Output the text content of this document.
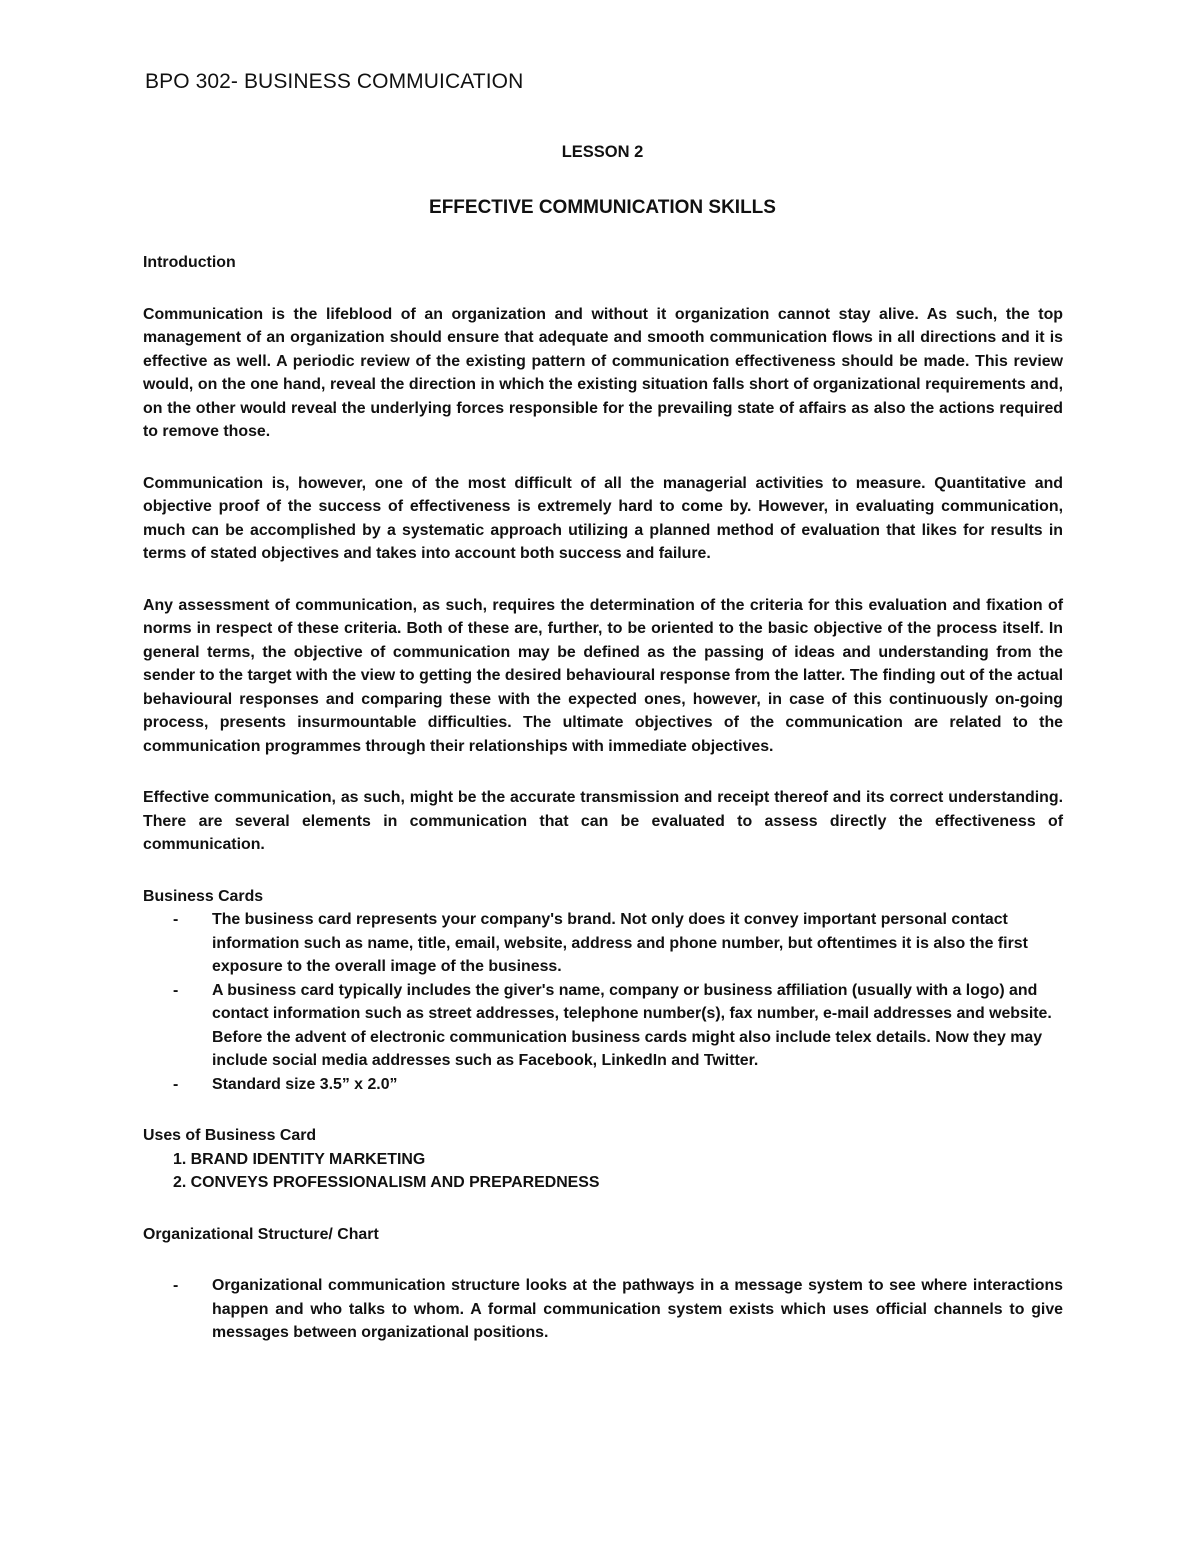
BPO 302- BUSINESS COMMUICATION
LESSON 2
EFFECTIVE COMMUNICATION SKILLS

Introduction

Communication is the lifeblood of an organization and without it organization cannot stay alive. As such, the top management of an organization should ensure that adequate and smooth communication flows in all directions and it is effective as well. A periodic review of the existing pattern of communication effectiveness should be made. This review would, on the one hand, reveal the direction in which the existing situation falls short of organizational requirements and, on the other would reveal the underlying forces responsible for the prevailing state of affairs as also the actions required to remove those.

Communication is, however, one of the most difficult of all the managerial activities to measure. Quantitative and objective proof of the success of effectiveness is extremely hard to come by. However, in evaluating communication, much can be accomplished by a systematic approach utilizing a planned method of evaluation that likes for results in terms of stated objectives and takes into account both success and failure.

Any assessment of communication, as such, requires the determination of the criteria for this evaluation and fixation of norms in respect of these criteria. Both of these are, further, to be oriented to the basic objective of the process itself. In general terms, the objective of communication may be defined as the passing of ideas and understanding from the sender to the target with the view to getting the desired behavioural response from the latter. The finding out of the actual behavioural responses and comparing these with the expected ones, however, in case of this continuously on-going process, presents insurmountable difficulties. The ultimate objectives of the communication are related to the communication programmes through their relationships with immediate objectives.

Effective communication, as such, might be the accurate transmission and receipt thereof and its correct understanding. There are several elements in communication that can be evaluated to assess directly the effectiveness of communication.

Business Cards

- The business card represents your company's brand. Not only does it convey important personal contact information such as name, title, email, website, address and phone number, but oftentimes it is also the first exposure to the overall image of the business.

- A business card typically includes the giver's name, company or business affiliation (usually with a logo) and contact information such as street addresses, telephone number(s), fax number, e-mail addresses and website. Before the advent of electronic communication business cards might also include telex details. Now they may include social media addresses such as Facebook, LinkedIn and Twitter.

- Standard size 3.5” x 2.0”

Uses of Business Card

1. BRAND IDENTITY MARKETING

2. CONVEYS PROFESSIONALISM AND PREPAREDNESS

Organizational Structure/ Chart

- Organizational communication structure looks at the pathways in a message system to see where interactions happen and who talks to whom. A formal communication system exists which uses official channels to give messages between organizational positions.
